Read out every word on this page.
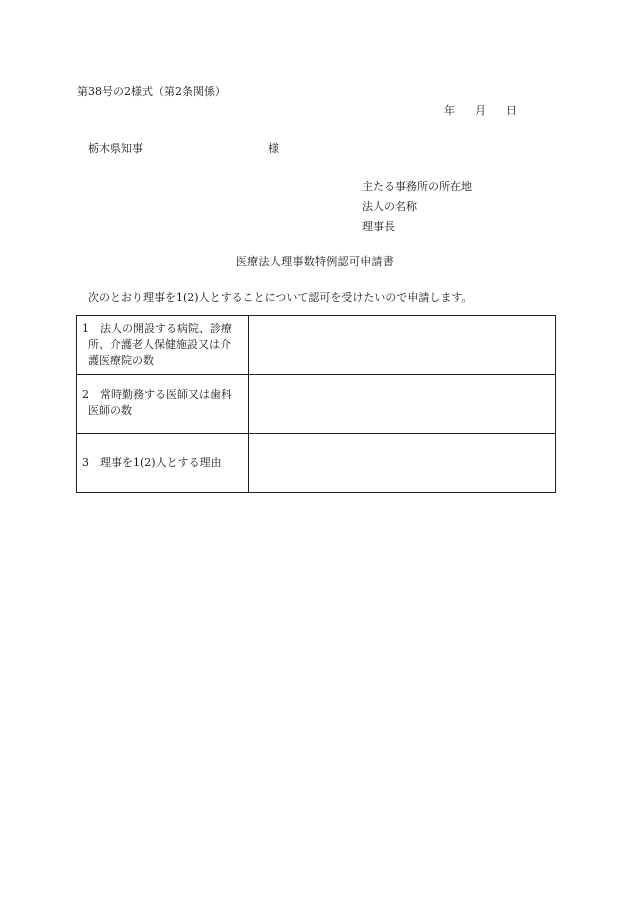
第38号の2様式（第2条関係）
年 月 日
栃木県知事	様
主たる事務所の所在地
法人の名称
理事長
医療法人理事数特例認可申請書
次のとおり理事を1(2)人とすることについて認可を受けたいので申請します。
1　法人の開設する病院、診療
所、介護老人保健施設又は介
護医療院の数	

2　常時勤務する医師又は歯科
医師の数	

3　理事を1(2)人とする理由	
